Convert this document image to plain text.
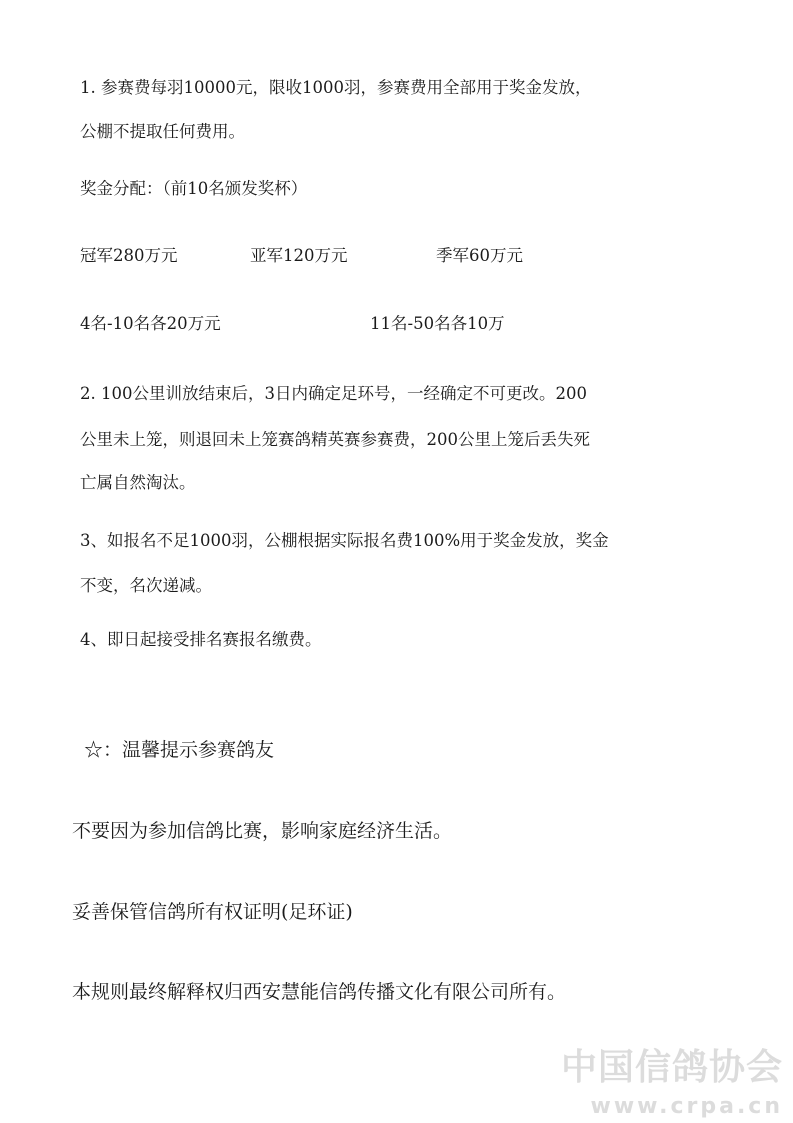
1. 参赛费每羽10000元，限收1000羽，参赛费用全部用于奖金发放，
公棚不提取任何费用。
奖金分配：（前10名颁发奖杯）
冠军280万元	亚军120万元	季军60万元
4名-10名各20万元	11名-50名各10万
2. 100公里训放结束后，3日内确定足环号，一经确定不可更改。200
公里未上笼，则退回未上笼赛鸽精英赛参赛费，200公里上笼后丢失死
亡属自然淘汰。
3、如报名不足1000羽，公棚根据实际报名费100%用于奖金发放，奖金
不变，名次递减。
4、即日起接受排名赛报名缴费。
☆：温馨提示参赛鸽友
不要因为参加信鸽比赛，影响家庭经济生活。
妥善保管信鸽所有权证明(足环证)
本规则最终解释权归西安慧能信鸽传播文化有限公司所有。
中国信鸽协会
www.crpa.cn
